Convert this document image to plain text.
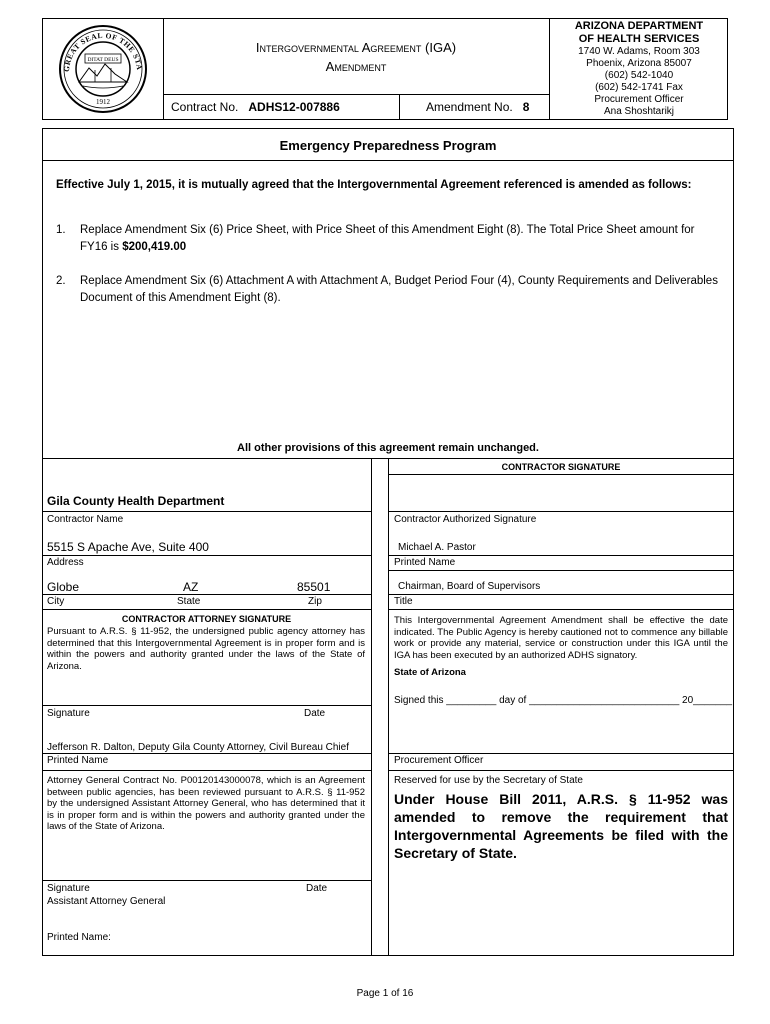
GREAT SEAL OF THE STA
DITAT DEUS
1912
Intergovernmental Agreement (IGA)
Amendment
Contract No. ADHS12-007886	Amendment No. 8
ARIZONA DEPARTMENT
OF HEALTH SERVICES
1740 W. Adams, Room 303
Phoenix, Arizona 85007
(602) 542-1040
(602) 542-1741 Fax
Procurement Officer
Ana Shoshtarikj
Emergency Preparedness Program
Effective July 1, 2015, it is mutually agreed that the Intergovernmental Agreement referenced is amended as follows:
1. Replace Amendment Six (6) Price Sheet, with Price Sheet of this Amendment Eight (8). The Total Price Sheet amount for FY16 is $200,419.00
2. Replace Amendment Six (6) Attachment A with Attachment A, Budget Period Four (4), County Requirements and Deliverables Document of this Amendment Eight (8).
All other provisions of this agreement remain unchanged.
CONTRACTOR SIGNATURE
Gila County Health Department
Contractor Name
5515 S Apache Ave, Suite 400
Address
Globe	AZ	85501
City	State	Zip
CONTRACTOR ATTORNEY SIGNATURE
Pursuant to A.R.S. § 11-952, the undersigned public agency attorney has determined that this Intergovernmental Agreement is in proper form and is within the powers and authority granted under the laws of the State of Arizona.
Signature	Date
Jefferson R. Dalton, Deputy Gila County Attorney, Civil Bureau Chief
Printed Name
Attorney General Contract No. P00120143000078, which is an Agreement between public agencies, has been reviewed pursuant to A.R.S. § 11-952 by the undersigned Assistant Attorney General, who has determined that it is in proper form and is within the powers and authority granted under the laws of the State of Arizona.
Signature	Date
Assistant Attorney General
Printed Name:
Contractor Authorized Signature
Michael A. Pastor
Printed Name
Chairman, Board of Supervisors
Title
This Intergovernmental Agreement Amendment shall be effective the date indicated. The Public Agency is hereby cautioned not to commence any billable work or provide any material, service or construction under this IGA until the IGA has been executed by an authorized ADHS signatory.
State of Arizona
Signed this _________ day of ___________________________ 20_______
Procurement Officer
Reserved for use by the Secretary of State
Under House Bill 2011, A.R.S. § 11-952 was amended to remove the requirement that Intergovernmental Agreements be filed with the Secretary of State.
Page 1 of 16
